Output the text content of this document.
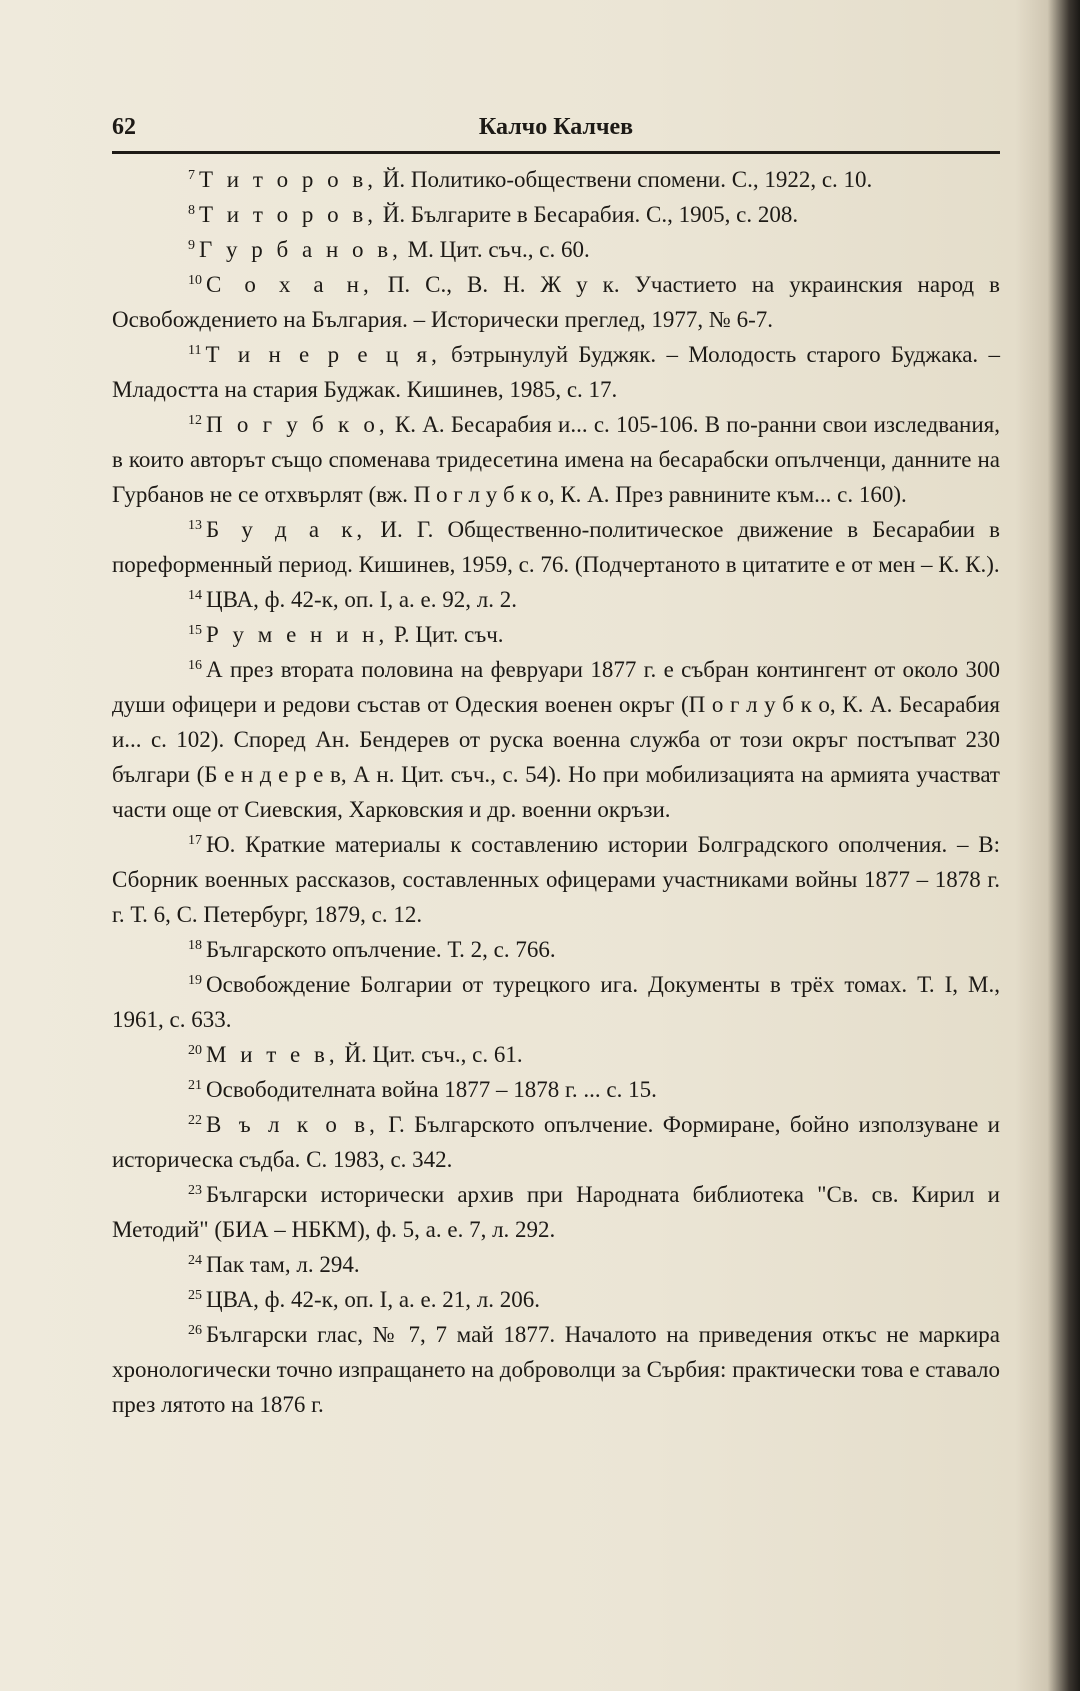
62	Калчо Калчев

$^7$ Т и т о р о в, Й. Политико-обществени спомени. С., 1922, с. 10.

$^8$ Т и т о р о в, Й. Българите в Бесарабия. С., 1905, с. 208.

$^9$ Г у р б а н о в, М. Цит. съч., с. 60.

$^{10}$ С о х а н, П. С., В. Н. Ж у к. Участието на украинския народ в Освобождението на България. – Исторически преглед, 1977, № 6-7.

$^{11}$ Т и н е р е ц я, бэтрынулуй Буджяк. – Молодость старого Буджака. – Младостта на стария Буджак. Кишинев, 1985, с. 17.

$^{12}$ П о г у б к о, К. А. Бесарабия и... с. 105-106. В по-ранни свои изследвания, в които авторът също споменава тридесетина имена на бесарабски опълченци, данните на Гурбанов не се отхвърлят (вж. П о г л у б к о, К. А. През равнините към... с. 160).

$^{13}$ Б у д а к, И. Г. Общественно-политическое движение в Бесарабии в пореформенный период. Кишинев, 1959, с. 76. (Подчертаното в цитатите е от мен – К. К.).

$^{14}$ ЦВА, ф. 42-к, оп. I, а. е. 92, л. 2.

$^{15}$ Р у м е н и н, Р. Цит. съч.

$^{16}$ А през втората половина на февруари 1877 г. е събран контингент от около 300 души офицери и редови състав от Одеския военен окръг (П о г л у б к о, К. А. Бесарабия и... с. 102). Според Ан. Бендерев от руска военна служба от този окръг постъпват 230 българи (Б е н д е р е в, А н. Цит. съч., с. 54). Но при мобилизацията на армията участват части още от Сиевския, Харковския и др. военни окръзи.

$^{17}$ Ю. Краткие материалы к составлению истории Болградского ополчения. – В: Сборник военных рассказов, составленных офицерами участниками войны 1877 – 1878 г. г. Т. 6, С. Петербург, 1879, с. 12.

$^{18}$ Българското опълчение. Т. 2, с. 766.

$^{19}$ Освобождение Болгарии от турецкого ига. Документы в трёх томах. Т. I, М., 1961, с. 633.

$^{20}$ М и т е в, Й. Цит. съч., с. 61.

$^{21}$ Освободителната война 1877 – 1878 г. ... с. 15.

$^{22}$ В ъ л к о в, Г. Българското опълчение. Формиране, бойно използуване и историческа съдба. С. 1983, с. 342.

$^{23}$ Български исторически архив при Народната библиотека "Св. св. Кирил и Методий" (БИА – НБКМ), ф. 5, а. е. 7, л. 292.

$^{24}$ Пак там, л. 294.

$^{25}$ ЦВА, ф. 42-к, оп. I, а. е. 21, л. 206.

$^{26}$ Български глас, № 7, 7 май 1877. Началото на приведения откъс не маркира хронологически точно изпращането на доброволци за Сърбия: практически това е ставало през лятото на 1876 г.
